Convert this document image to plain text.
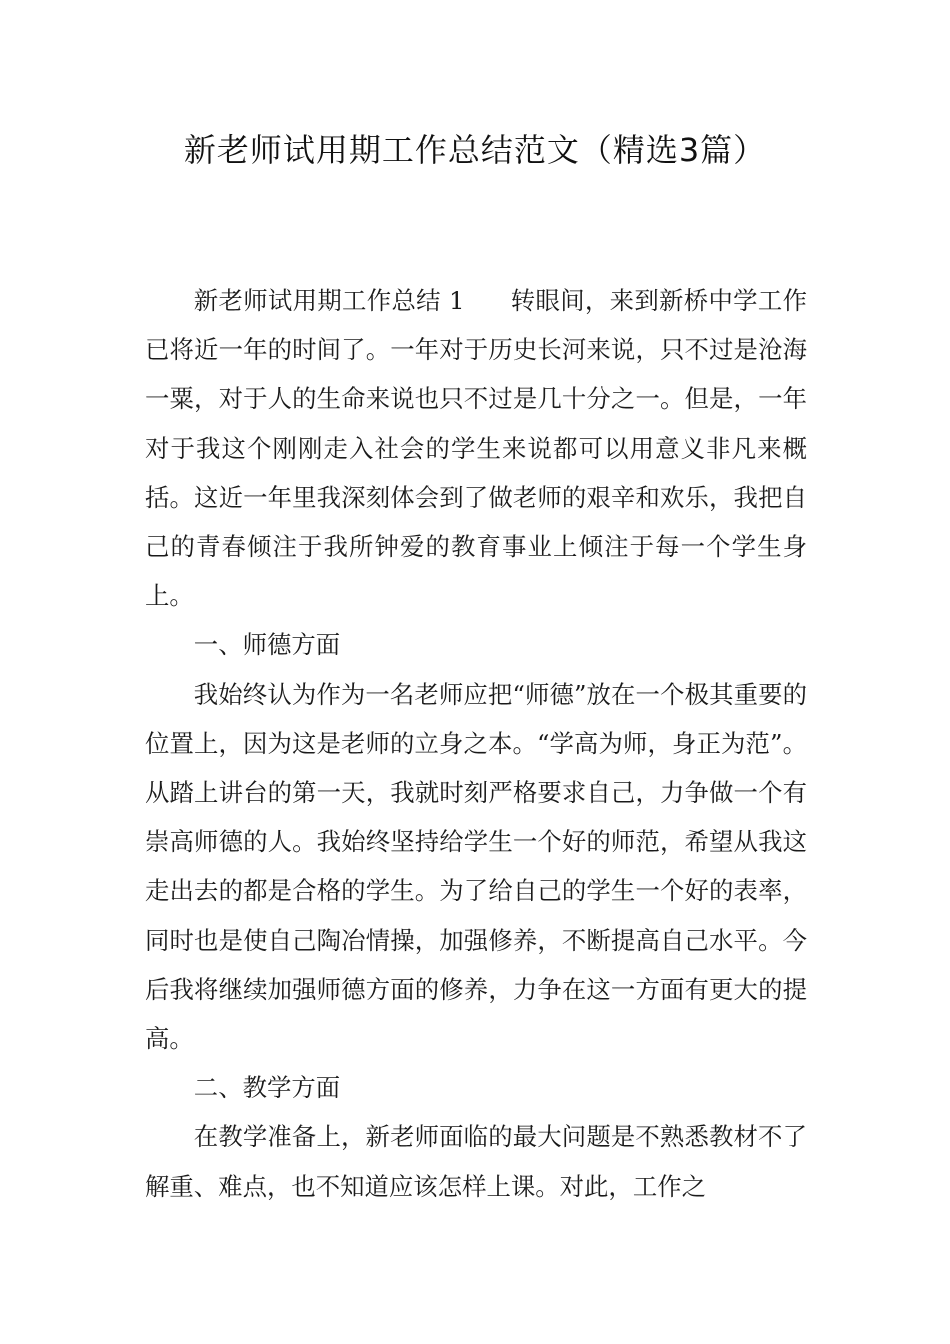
新老师试用期工作总结范文（精选3篇）

新老师试用期工作总结 1 转眼间，来到新桥中学工作已将近一年的时间了。一年对于历史长河来说，只不过是沧海一粟，对于人的生命来说也只不过是几十分之一。但是，一年对于我这个刚刚走入社会的学生来说都可以用意义非凡来概括。这近一年里我深刻体会到了做老师的艰辛和欢乐，我把自己的青春倾注于我所钟爱的教育事业上倾注于每一个学生身上。

一、师德方面

我始终认为作为一名老师应把“师德”放在一个极其重要的位置上，因为这是老师的立身之本。“学高为师，身正为范”。从踏上讲台的第一天，我就时刻严格要求自己，力争做一个有崇高师德的人。我始终坚持给学生一个好的师范，希望从我这走出去的都是合格的学生。为了给自己的学生一个好的表率，同时也是使自己陶冶情操，加强修养，不断提高自己水平。今后我将继续加强师德方面的修养，力争在这一方面有更大的提高。

二、教学方面

在教学准备上，新老师面临的最大问题是不熟悉教材不了解重、难点，也不知道应该怎样上课。对此，工作之
